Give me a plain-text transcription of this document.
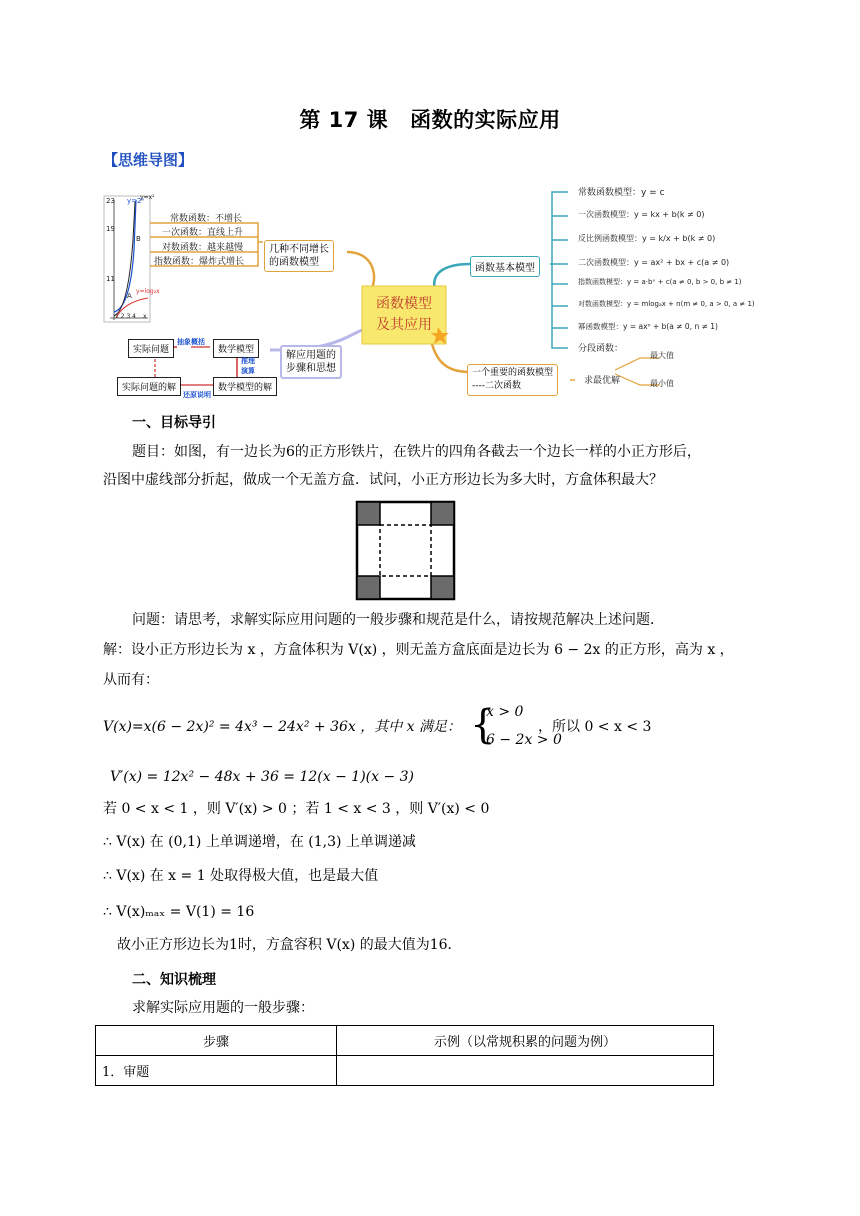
第 17 课 函数的实际应用
【思维导图】
23
19
11
y=2ˣ
y=x²
y=log₂x
A
B
1 2 3 4 x
常数函数：不增长
一次函数：直线上升
对数函数：越来越慢
指数函数：爆炸式增长
几种不同增长
的函数模型
实际问题	数学模型
实际问题的解	数学模型的解
抽象概括
推理
演算
还原说明
解应用题的
步骤和思想
函数模型
及其应用
函数基本模型
常数函数模型：y = c
一次函数模型：y = kx + b(k ≠ 0)
反比例函数模型：y = k/x + b(k ≠ 0)
二次函数模型：y = ax² + bx + c(a ≠ 0)
指数函数模型：y = a·bˣ + c(a ≠ 0, b > 0, b ≠ 1)
对数函数模型：y = mlogₐx + n(m ≠ 0, a > 0, a ≠ 1)
幂函数模型：y = axⁿ + b(a ≠ 0, n ≠ 1)
分段函数：
一个重要的函数模型
----二次函数	求最优解
最大值
最小值
一、目标导引
题目：如图，有一边长为6的正方形铁片，在铁片的四角各截去一个边长一样的小正方形后，
沿图中虚线部分折起，做成一个无盖方盒．试问，小正方形边长为多大时，方盒体积最大？
问题：请思考，求解实际应用问题的一般步骤和规范是什么，请按规范解决上述问题．
解：设小正方形边长为 x ，方盒体积为 V(x) ，则无盖方盒底面是边长为 6 − 2x 的正方形，高为 x ，
从而有：
V(x)=x(6 − 2x)² = 4x³ − 24x² + 36x ，其中 x 满足： {
x > 0
6 − 2x > 0
，所以 0 < x < 3
V′(x) = 12x² − 48x + 36 = 12(x − 1)(x − 3)
若 0 < x < 1 ，则 V′(x) > 0 ；若 1 < x < 3 ，则 V′(x) < 0
∴ V(x) 在 (0,1) 上单调递增，在 (1,3) 上单调递减
∴ V(x) 在 x = 1 处取得极大值，也是最大值
∴ V(x)ₘₐₓ = V(1) = 16
故小正方形边长为1时，方盒容积 V(x) 的最大值为16．
二、知识梳理
求解实际应用题的一般步骤：
步骤	示例（以常规积累的问题为例）
1．审题	
